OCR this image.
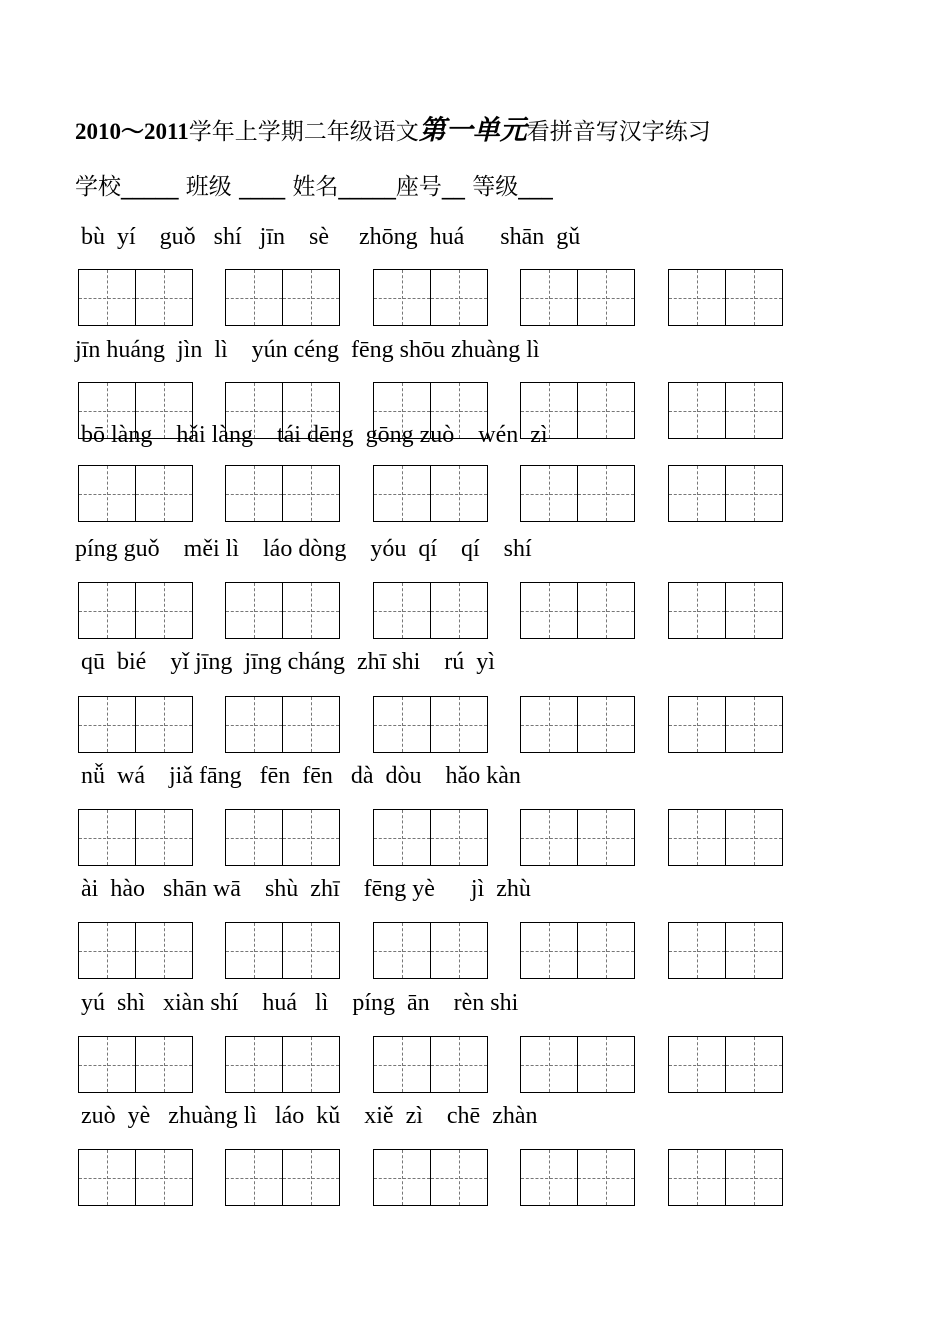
2010～2011学年上学期二年级语文第一单元看拼音写汉字练习
学校_____ 班级 ____ 姓名_____座号__ 等级___
bù  yí    guǒ   shí   jīn    sè     zhōng  huá      shān  gǔ
jīn huáng  jìn  lì    yún céng  fēng shōu zhuàng lì
bō làng    hǎi làng    tái dēng  gōng zuò    wén  zì
píng guǒ    měi lì    láo dòng    yóu  qí    qí    shí
qū  bié    yǐ jīng  jīng cháng  zhī shi    rú  yì
nǚ  wá    jiǎ fāng   fēn  fēn   dà  dòu    hǎo kàn
ài  hào   shān wā    shù  zhī    fēng yè      jì  zhù
yú  shì   xiàn shí    huá   lì    píng  ān    rèn shi
zuò  yè   zhuàng lì   láo  kǔ    xiě  zì    chē  zhàn
